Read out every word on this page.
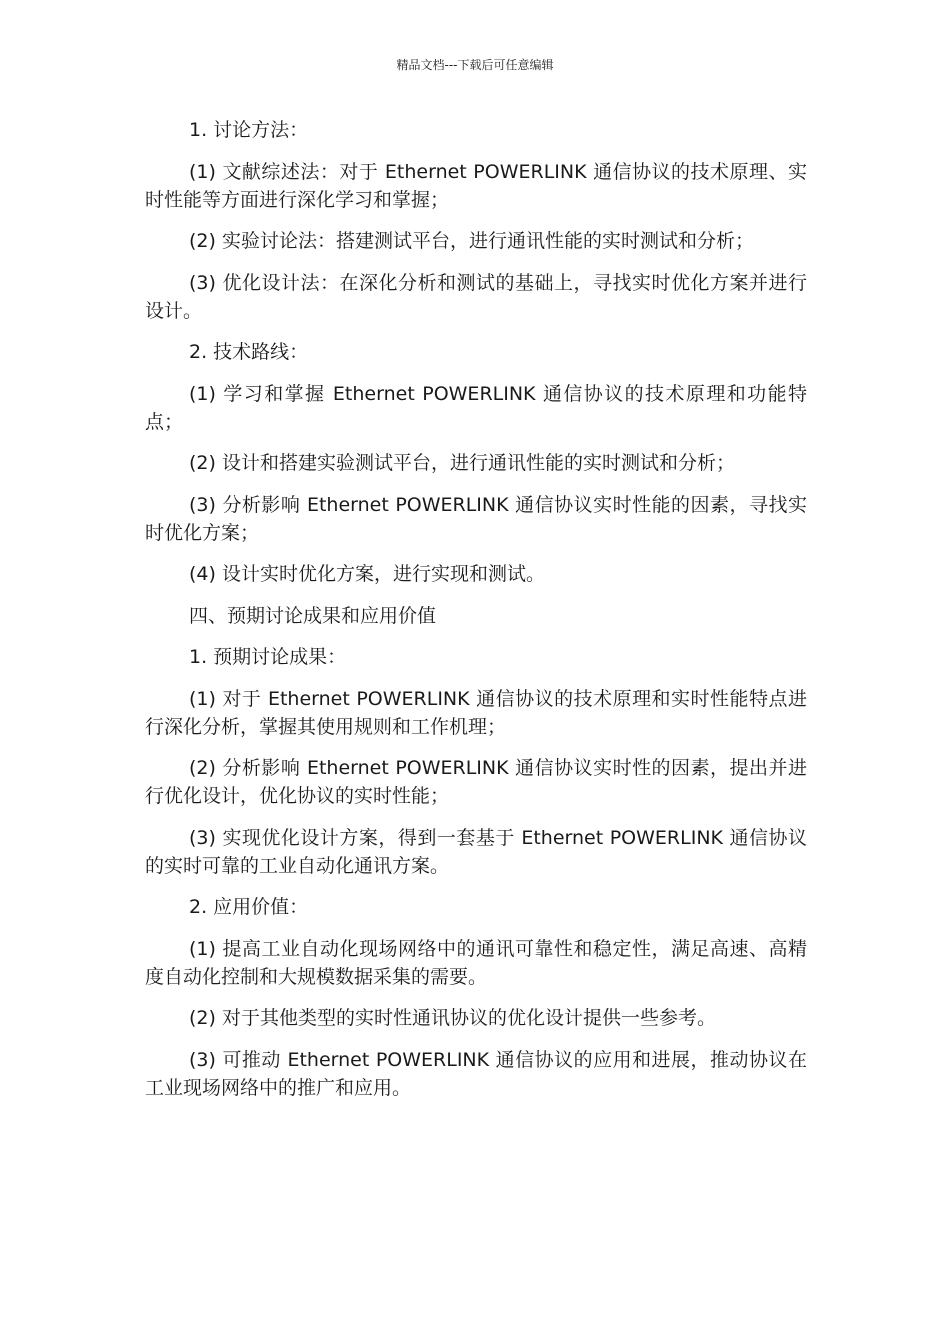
精品文档---下载后可任意编辑

1. 讨论方法：

(1) 文献综述法：对于 Ethernet POWERLINK 通信协议的技术原理、实时性能等方面进行深化学习和掌握；

(2) 实验讨论法：搭建测试平台，进行通讯性能的实时测试和分析；

(3) 优化设计法：在深化分析和测试的基础上，寻找实时优化方案并进行设计。

2. 技术路线：

(1) 学习和掌握 Ethernet POWERLINK 通信协议的技术原理和功能特点；

(2) 设计和搭建实验测试平台，进行通讯性能的实时测试和分析；

(3) 分析影响 Ethernet POWERLINK 通信协议实时性能的因素，寻找实时优化方案；

(4) 设计实时优化方案，进行实现和测试。

四、预期讨论成果和应用价值

1. 预期讨论成果：

(1) 对于 Ethernet POWERLINK 通信协议的技术原理和实时性能特点进行深化分析，掌握其使用规则和工作机理；

(2) 分析影响 Ethernet POWERLINK 通信协议实时性的因素，提出并进行优化设计，优化协议的实时性能；

(3) 实现优化设计方案，得到一套基于 Ethernet POWERLINK 通信协议的实时可靠的工业自动化通讯方案。

2. 应用价值：

(1) 提高工业自动化现场网络中的通讯可靠性和稳定性，满足高速、高精度自动化控制和大规模数据采集的需要。

(2) 对于其他类型的实时性通讯协议的优化设计提供一些参考。

(3) 可推动 Ethernet POWERLINK 通信协议的应用和进展，推动协议在工业现场网络中的推广和应用。
